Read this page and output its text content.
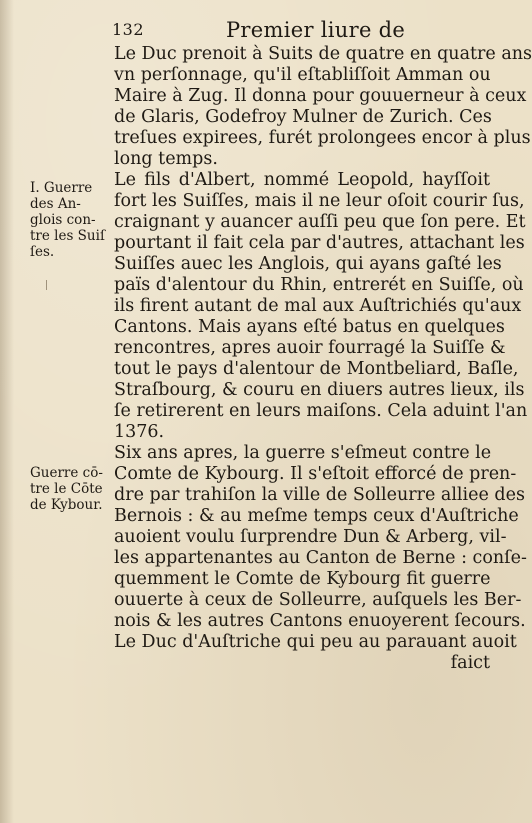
132	Premier liure de
I. Guerre
des An-
glois con-
tre les Suiſ
ſes.
Guerre cō-
tre le Cōte
de Kybour.
Le Duc prenoit à Suits de quatre en quatre ans
vn perſonnage, qu'il eſtabliſſoit Amman ou
Maire à Zug. Il donna pour gouuerneur à ceux
de Glaris, Godefroy Mulner de Zurich. Ces
treſues expirees, furét prolongees encor à plus
long temps.
Le fils d'Albert, nommé Leopold, hayſſoit
fort les Suiſſes, mais il ne leur oſoit courir ſus,
craignant y auancer auſſi peu que ſon pere. Et
pourtant il fait cela par d'autres, attachant les
Suiſſes auec les Anglois, qui ayans gaſté les
païs d'alentour du Rhin, entrerét en Suiſſe, où
ils firent autant de mal aux Auſtrichiés qu'aux
Cantons. Mais ayans eſté batus en quelques
rencontres, apres auoir fourragé la Suiſſe &
tout le pays d'alentour de Montbeliard, Baſle,
Straſbourg, & couru en diuers autres lieux, ils
ſe retirerent en leurs maiſons. Cela aduint l'an
1376.
Six ans apres, la guerre s'eſmeut contre le
Comte de Kybourg. Il s'eſtoit efforcé de pren-
dre par trahiſon la ville de Solleurre alliee des
Bernois : & au meſme temps ceux d'Auſtriche
auoient voulu ſurprendre Dun & Arberg, vil-
les appartenantes au Canton de Berne : conſe-
quemment le Comte de Kybourg fit guerre
ouuerte à ceux de Solleurre, auſquels les Ber-
nois & les autres Cantons enuoyerent ſecours.
Le Duc d'Auſtriche qui peu au parauant auoit
faict
